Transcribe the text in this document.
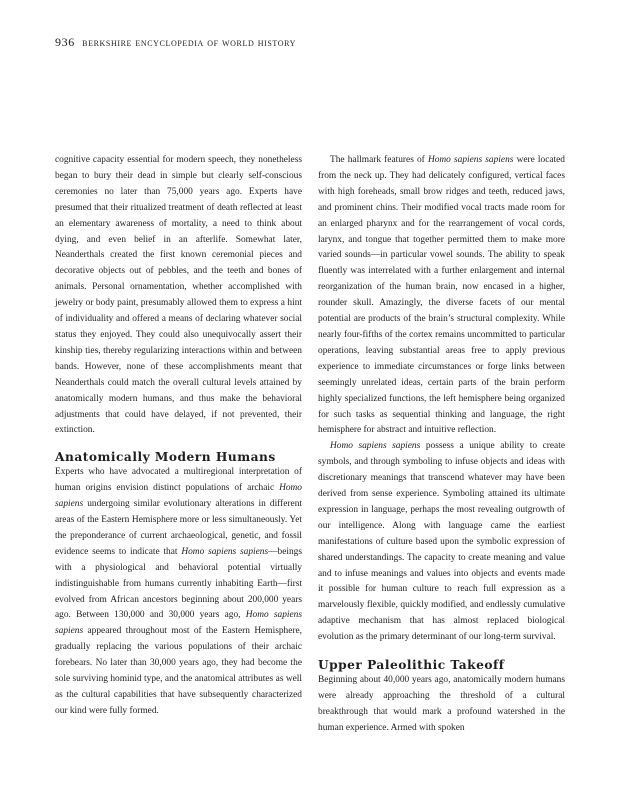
936 berkshire encyclopedia of world history

cognitive capacity essential for modern speech, they nonetheless began to bury their dead in simple but clearly self-conscious ceremonies no later than 75,000 years ago. Experts have presumed that their ritualized treatment of death reflected at least an elementary awareness of mortality, a need to think about dying, and even belief in an afterlife. Somewhat later, Neanderthals created the first known ceremonial pieces and decorative objects out of pebbles, and the teeth and bones of animals. Personal ornamentation, whether accomplished with jewelry or body paint, presumably allowed them to express a hint of individuality and offered a means of declaring whatever social status they enjoyed. They could also unequivocally assert their kinship ties, thereby regularizing interactions within and between bands. However, none of these accomplishments meant that Neanderthals could match the overall cultural levels attained by anatomically modern humans, and thus make the behavioral adjustments that could have delayed, if not prevented, their extinction.

Anatomically Modern Humans

Experts who have advocated a multiregional interpretation of human origins envision distinct populations of archaic Homo sapiens undergoing similar evolutionary alterations in different areas of the Eastern Hemisphere more or less simultaneously. Yet the preponderance of current archaeological, genetic, and fossil evidence seems to indicate that Homo sapiens sapiens—beings with a physiological and behavioral potential virtually indistinguishable from humans currently inhabiting Earth—first evolved from African ancestors beginning about 200,000 years ago. Between 130,000 and 30,000 years ago, Homo sapiens sapiens appeared throughout most of the Eastern Hemisphere, gradually replacing the various populations of their archaic forebears. No later than 30,000 years ago, they had become the sole surviving hominid type, and the anatomical attributes as well as the cultural capabilities that have subsequently characterized our kind were fully formed.

The hallmark features of Homo sapiens sapiens were located from the neck up. They had delicately configured, vertical faces with high foreheads, small brow ridges and teeth, reduced jaws, and prominent chins. Their modified vocal tracts made room for an enlarged pharynx and for the rearrangement of vocal cords, larynx, and tongue that together permitted them to make more varied sounds—in particular vowel sounds. The ability to speak fluently was interrelated with a further enlargement and internal reorganization of the human brain, now encased in a higher, rounder skull. Amazingly, the diverse facets of our mental potential are products of the brain’s structural complexity. While nearly four-fifths of the cortex remains uncommitted to particular operations, leaving substantial areas free to apply previous experience to immediate circumstances or forge links between seemingly unrelated ideas, certain parts of the brain perform highly specialized functions, the left hemisphere being organized for such tasks as sequential thinking and language, the right hemisphere for abstract and intuitive reflection.

Homo sapiens sapiens possess a unique ability to create symbols, and through symboling to infuse objects and ideas with discretionary meanings that transcend whatever may have been derived from sense experience. Symboling attained its ultimate expression in language, perhaps the most revealing outgrowth of our intelligence. Along with language came the earliest manifestations of culture based upon the symbolic expression of shared understandings. The capacity to create meaning and value and to infuse meanings and values into objects and events made it possible for human culture to reach full expression as a marvelously flexible, quickly modified, and endlessly cumulative adaptive mechanism that has almost replaced biological evolution as the primary determinant of our long-term survival.

Upper Paleolithic Takeoff

Beginning about 40,000 years ago, anatomically modern humans were already approaching the threshold of a cultural breakthrough that would mark a profound watershed in the human experience. Armed with spoken
